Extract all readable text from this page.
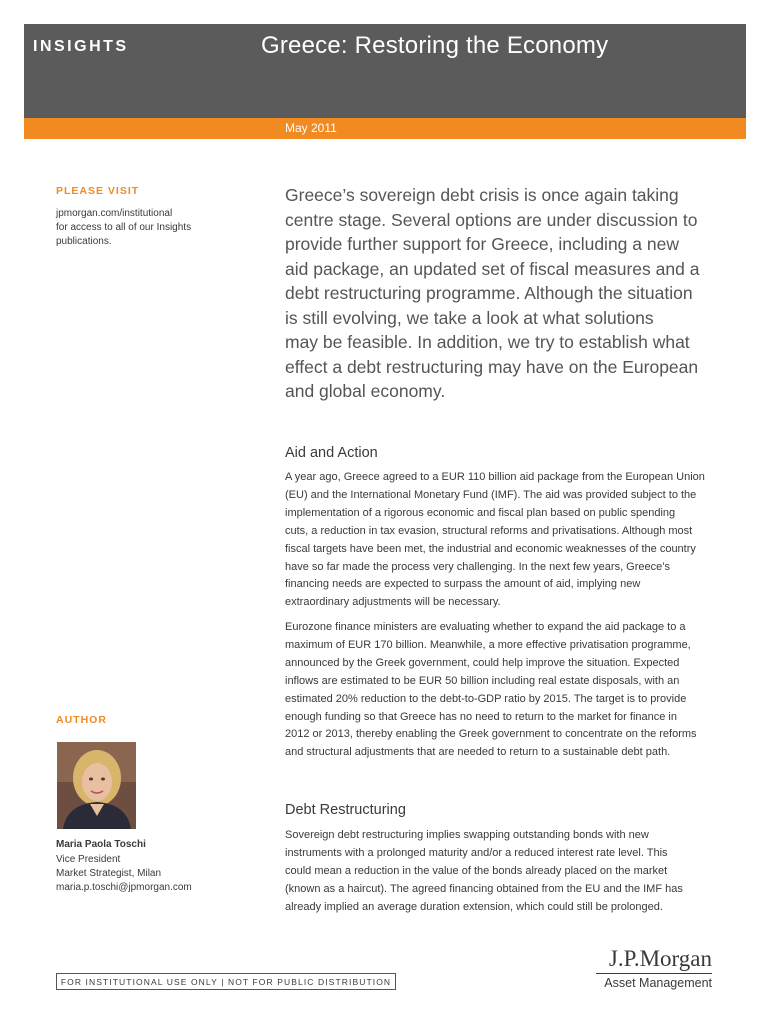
INSIGHTS	Greece: Restoring the Economy
May 2011
PLEASE VISIT
jpmorgan.com/institutional
for access to all of our Insights
publications.
AUTHOR
Maria Paola Toschi
Vice President
Market Strategist, Milan
maria.p.toschi@jpmorgan.com
Greece’s sovereign debt crisis is once again taking
centre stage. Several options are under discussion to
provide further support for Greece, including a new
aid package, an updated set of fiscal measures and a
debt restructuring programme. Although the situation
is still evolving, we take a look at what solutions
may be feasible. In addition, we try to establish what
effect a debt restructuring may have on the European
and global economy.
Aid and Action
A year ago, Greece agreed to a EUR 110 billion aid package from the European Union
(EU) and the International Monetary Fund (IMF). The aid was provided subject to the
implementation of a rigorous economic and fiscal plan based on public spending
cuts, a reduction in tax evasion, structural reforms and privatisations. Although most
fiscal targets have been met, the industrial and economic weaknesses of the country
have so far made the process very challenging. In the next few years, Greece’s
financing needs are expected to surpass the amount of aid, implying new
extraordinary adjustments will be necessary.
Eurozone finance ministers are evaluating whether to expand the aid package to a
maximum of EUR 170 billion. Meanwhile, a more effective privatisation programme,
announced by the Greek government, could help improve the situation. Expected
inflows are estimated to be EUR 50 billion including real estate disposals, with an
estimated 20% reduction to the debt-to-GDP ratio by 2015. The target is to provide
enough funding so that Greece has no need to return to the market for finance in
2012 or 2013, thereby enabling the Greek government to concentrate on the reforms
and structural adjustments that are needed to return to a sustainable debt path.
Debt Restructuring
Sovereign debt restructuring implies swapping outstanding bonds with new
instruments with a prolonged maturity and/or a reduced interest rate level. This
could mean a reduction in the value of the bonds already placed on the market
(known as a haircut). The agreed financing obtained from the EU and the IMF has
already implied an average duration extension, which could still be prolonged.
FOR INSTITUTIONAL USE ONLY | NOT FOR PUBLIC DISTRIBUTION
J.P.Morgan
Asset Management
